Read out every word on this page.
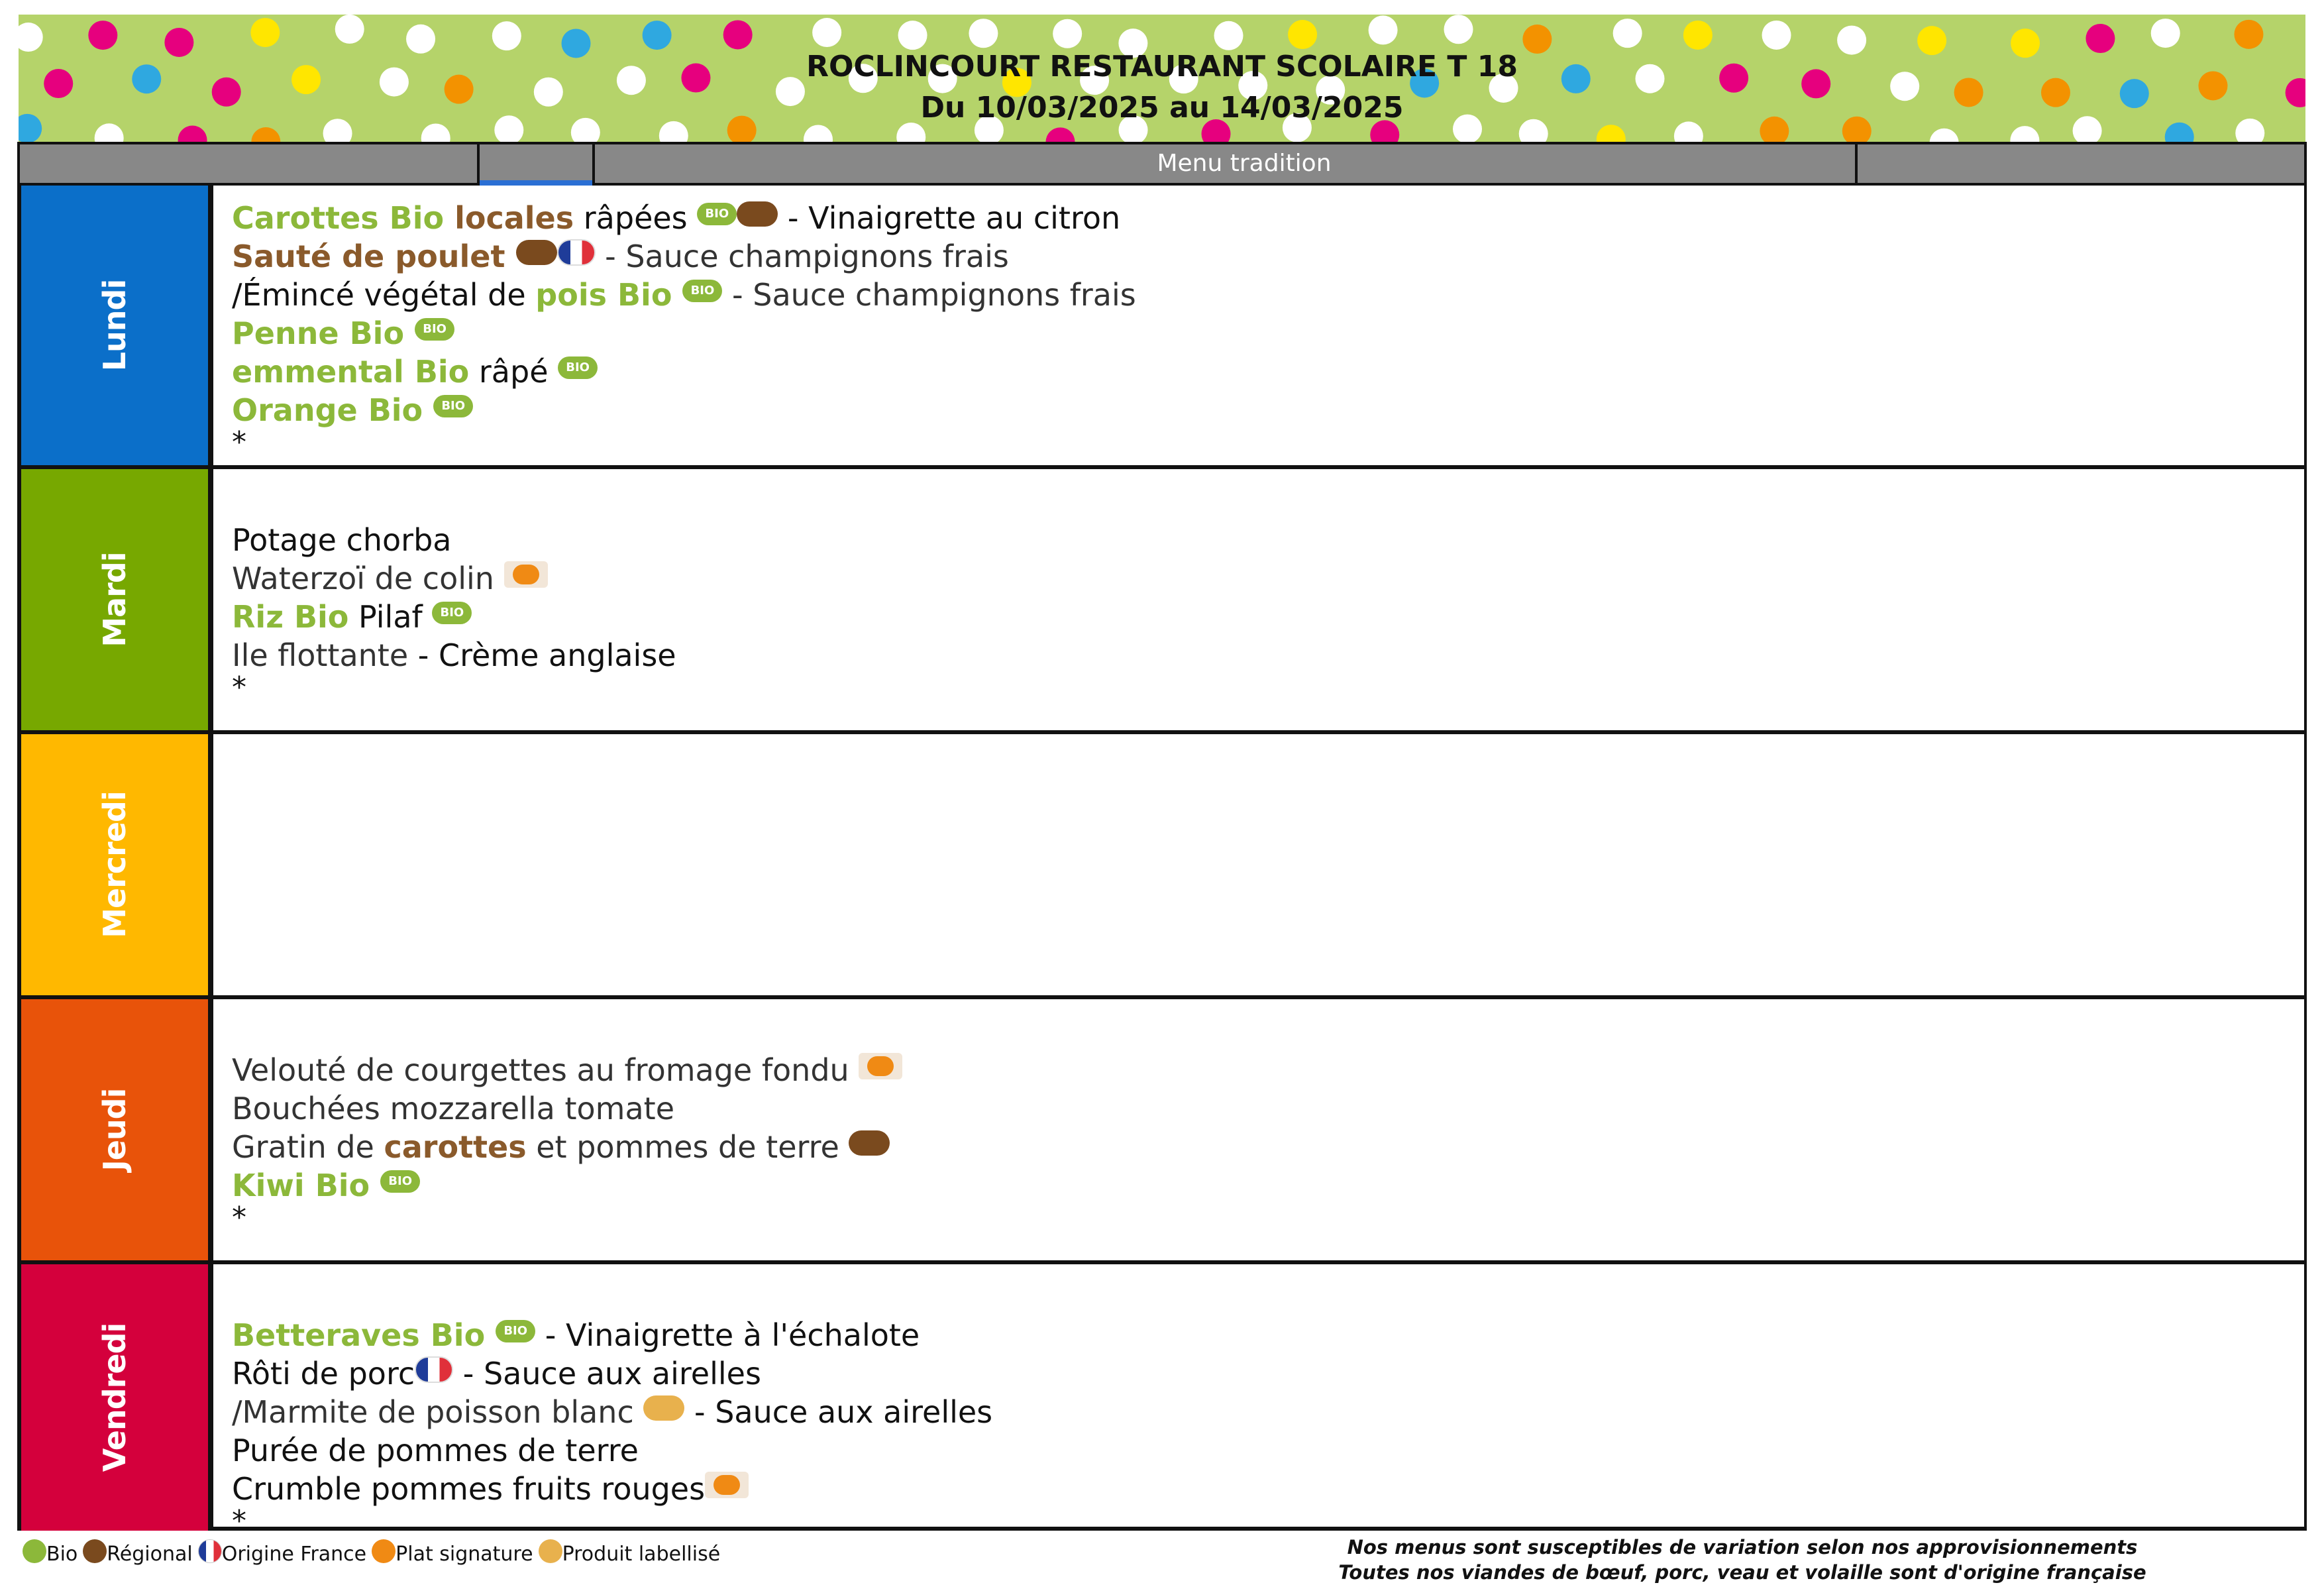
ROCLINCOURT RESTAURANT SCOLAIRE T 18
Du 10/03/2025 au 14/03/2025
Menu tradition
Lundi
Carottes Bio locales râpées BIO - Vinaigrette au citron
Sauté de poulet	- Sauce champignons frais
/Émincé végétal de pois Bio BIO - Sauce champignons frais
Penne Bio BIO
emmental Bio râpé BIO
Orange Bio BIO
*
Mardi
Potage chorba
Waterzoï de colin
Riz Bio Pilaf BIO
Ile flottante - Crème anglaise
*
Mercredi
Jeudi
Velouté de courgettes au fromage fondu
Bouchées mozzarella tomate
Gratin de carottes et pommes de terre
Kiwi Bio BIO
*
Vendredi	Betteraves Bio BIO - Vinaigrette à l'échalote
Rôti de porc - Sauce aux airelles
/Marmite de poisson blanc  - Sauce aux airelles
Purée de pommes de terre
Crumble pommes fruits rouges
*
Bio Régional Origine France Plat signature Produit labellisé	Nos menus sont susceptibles de variation selon nos approvisionnements
Toutes nos viandes de bœuf, porc, veau et volaille sont d'origine française
